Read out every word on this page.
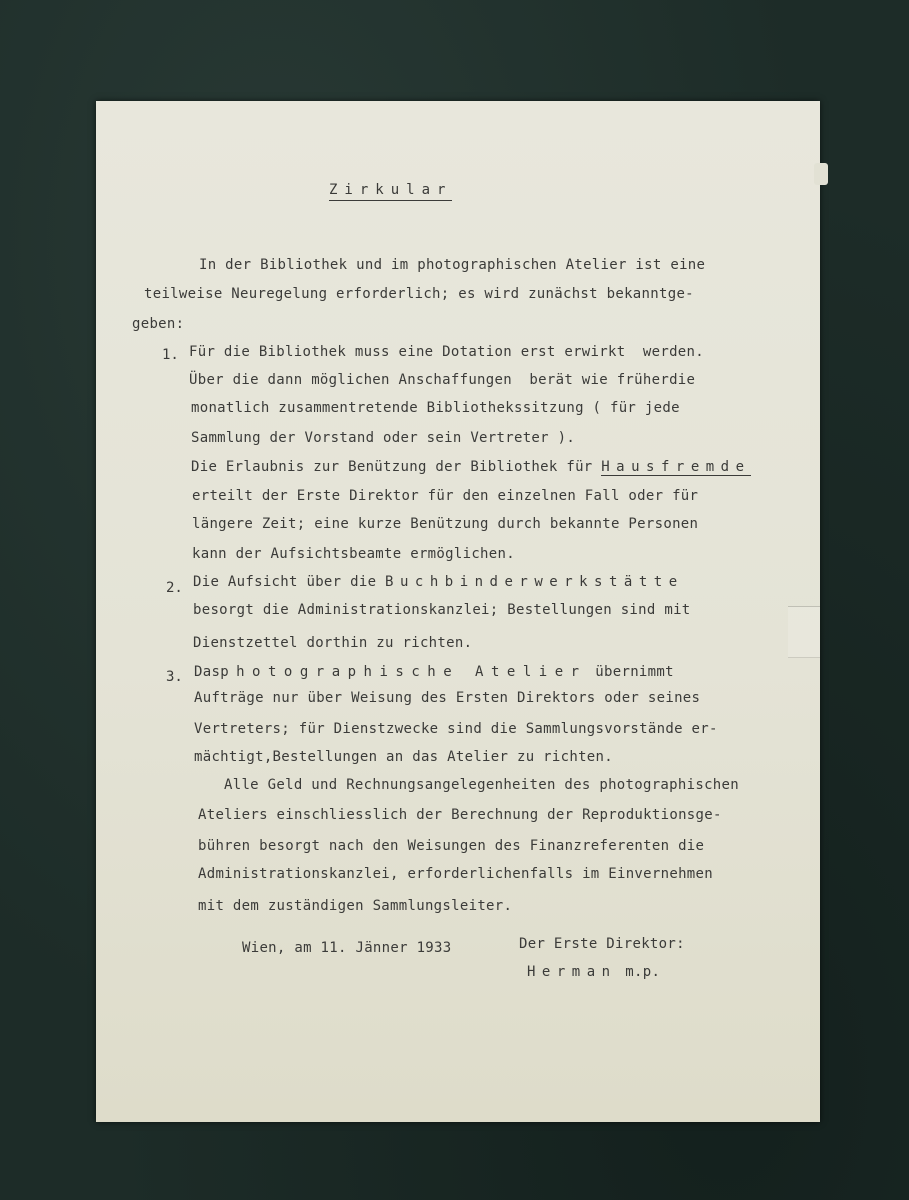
Zirkular
In der Bibliothek und im photographischen Atelier ist eine
teilweise Neuregelung erforderlich; es wird zunächst bekanntge-
geben:
1. Für die Bibliothek muss eine Dotation erst erwirkt  werden.
Über die dann möglichen Anschaffungen  berät wie früherdie
monatlich zusammentretende Bibliothekssitzung ( für jede
Sammlung der Vorstand oder sein Vertreter ).
Die Erlaubnis zur Benützung der Bibliothek für Hausfremde
erteilt der Erste Direktor für den einzelnen Fall oder für
längere Zeit; eine kurze Benützung durch bekannte Personen
kann der Aufsichtsbeamte ermöglichen.
2. Die Aufsicht über die Buchbinderwerkstätte
besorgt die Administrationskanzlei; Bestellungen sind mit
Dienstzettel dorthin zu richten.
3. Dasphotographische Atelier übernimmt
Aufträge nur über Weisung des Ersten Direktors oder seines
Vertreters; für Dienstzwecke sind die Sammlungsvorstände er-
mächtigt,Bestellungen an das Atelier zu richten.
Alle Geld und Rechnungsangelegenheiten des photographischen
Ateliers einschliesslich der Berechnung der Reproduktionsge-
bühren besorgt nach den Weisungen des Finanzreferenten die
Administrationskanzlei, erforderlichenfalls im Einvernehmen
mit dem zuständigen Sammlungsleiter.
Wien, am 11. Jänner 1933	Der Erste Direktor:
Herman m.p.
